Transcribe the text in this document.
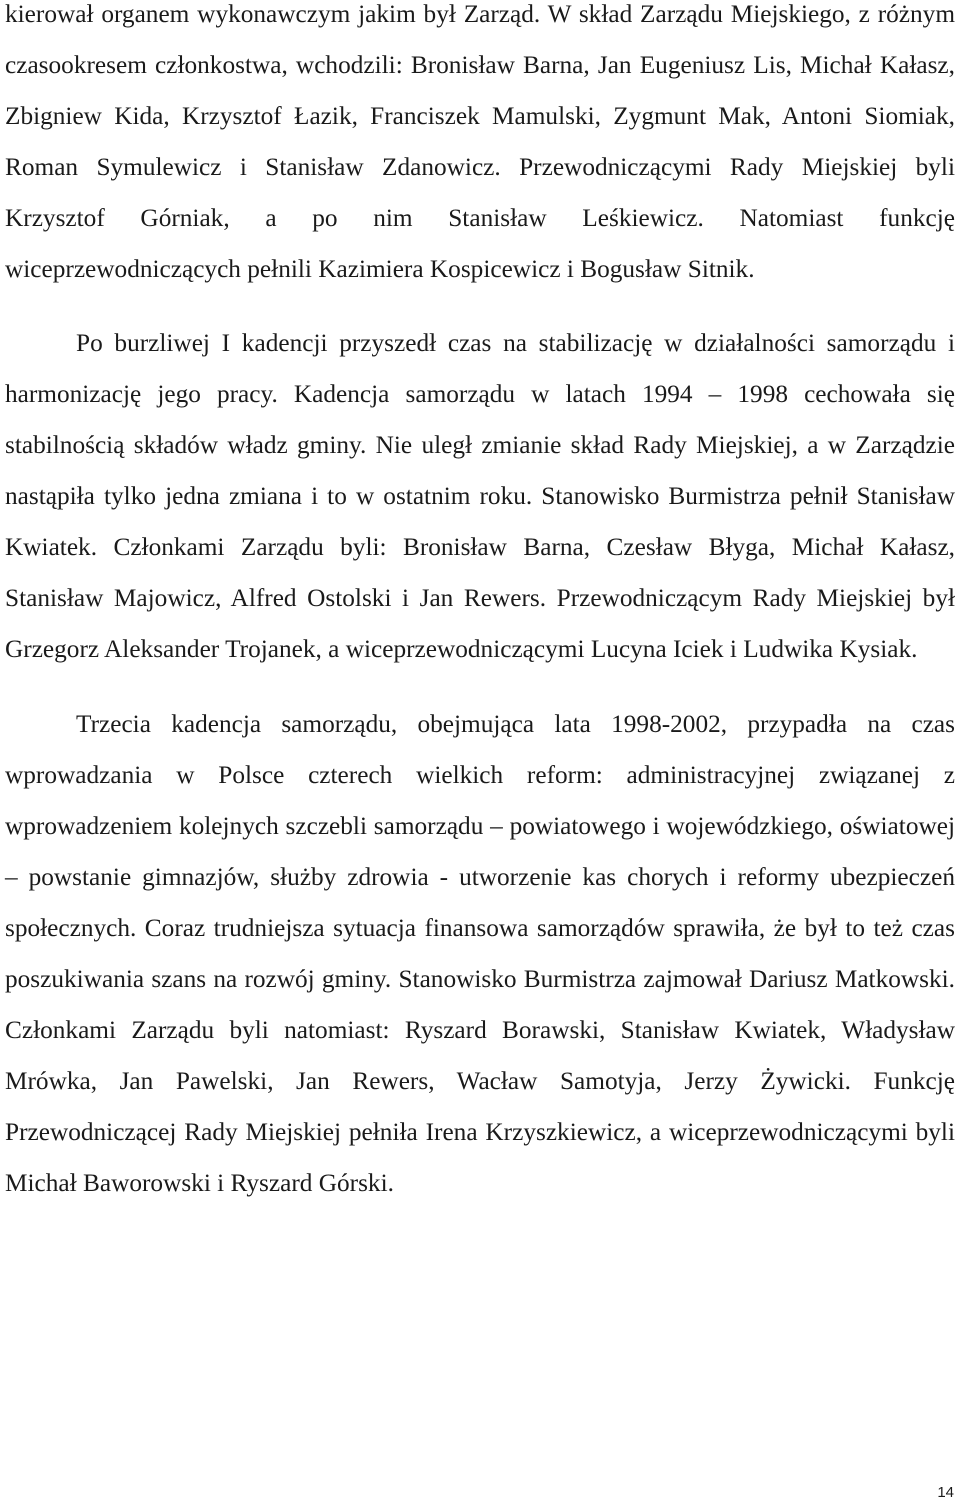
kierował organem wykonawczym jakim był Zarząd. W skład Zarządu Miejskiego, z różnym czasookresem członkostwa, wchodzili: Bronisław Barna, Jan Eugeniusz Lis, Michał Kałasz, Zbigniew Kida, Krzysztof Łazik, Franciszek Mamulski, Zygmunt Mak, Antoni Siomiak, Roman Symulewicz i Stanisław Zdanowicz. Przewodniczącymi Rady Miejskiej byli Krzysztof Górniak, a po nim Stanisław Leśkiewicz. Natomiast funkcję wiceprzewodniczących pełnili Kazimiera Kospicewicz i Bogusław Sitnik.

Po burzliwej I kadencji przyszedł czas na stabilizację w działalności samorządu i harmonizację jego pracy. Kadencja samorządu w latach 1994 – 1998 cechowała się stabilnością składów władz gminy. Nie uległ zmianie skład Rady Miejskiej, a w Zarządzie nastąpiła tylko jedna zmiana i to w ostatnim roku. Stanowisko Burmistrza pełnił Stanisław Kwiatek. Członkami Zarządu byli: Bronisław Barna, Czesław Błyga, Michał Kałasz, Stanisław Majowicz, Alfred Ostolski i Jan Rewers. Przewodniczącym Rady Miejskiej był Grzegorz Aleksander Trojanek, a wiceprzewodniczącymi Lucyna Iciek i Ludwika Kysiak.

Trzecia kadencja samorządu, obejmująca lata 1998-2002, przypadła na czas wprowadzania w Polsce czterech wielkich reform: administracyjnej związanej z wprowadzeniem kolejnych szczebli samorządu – powiatowego i wojewódzkiego, oświatowej – powstanie gimnazjów, służby zdrowia - utworzenie kas chorych i reformy ubezpieczeń społecznych. Coraz trudniejsza sytuacja finansowa samorządów sprawiła, że był to też czas poszukiwania szans na rozwój gminy. Stanowisko Burmistrza zajmował Dariusz Matkowski. Członkami Zarządu byli natomiast: Ryszard Borawski, Stanisław Kwiatek, Władysław Mrówka, Jan Pawelski, Jan Rewers, Wacław Samotyja, Jerzy Żywicki. Funkcję Przewodniczącej Rady Miejskiej pełniła Irena Krzyszkiewicz, a wiceprzewodniczącymi byli Michał Baworowski i Ryszard Górski.

14
